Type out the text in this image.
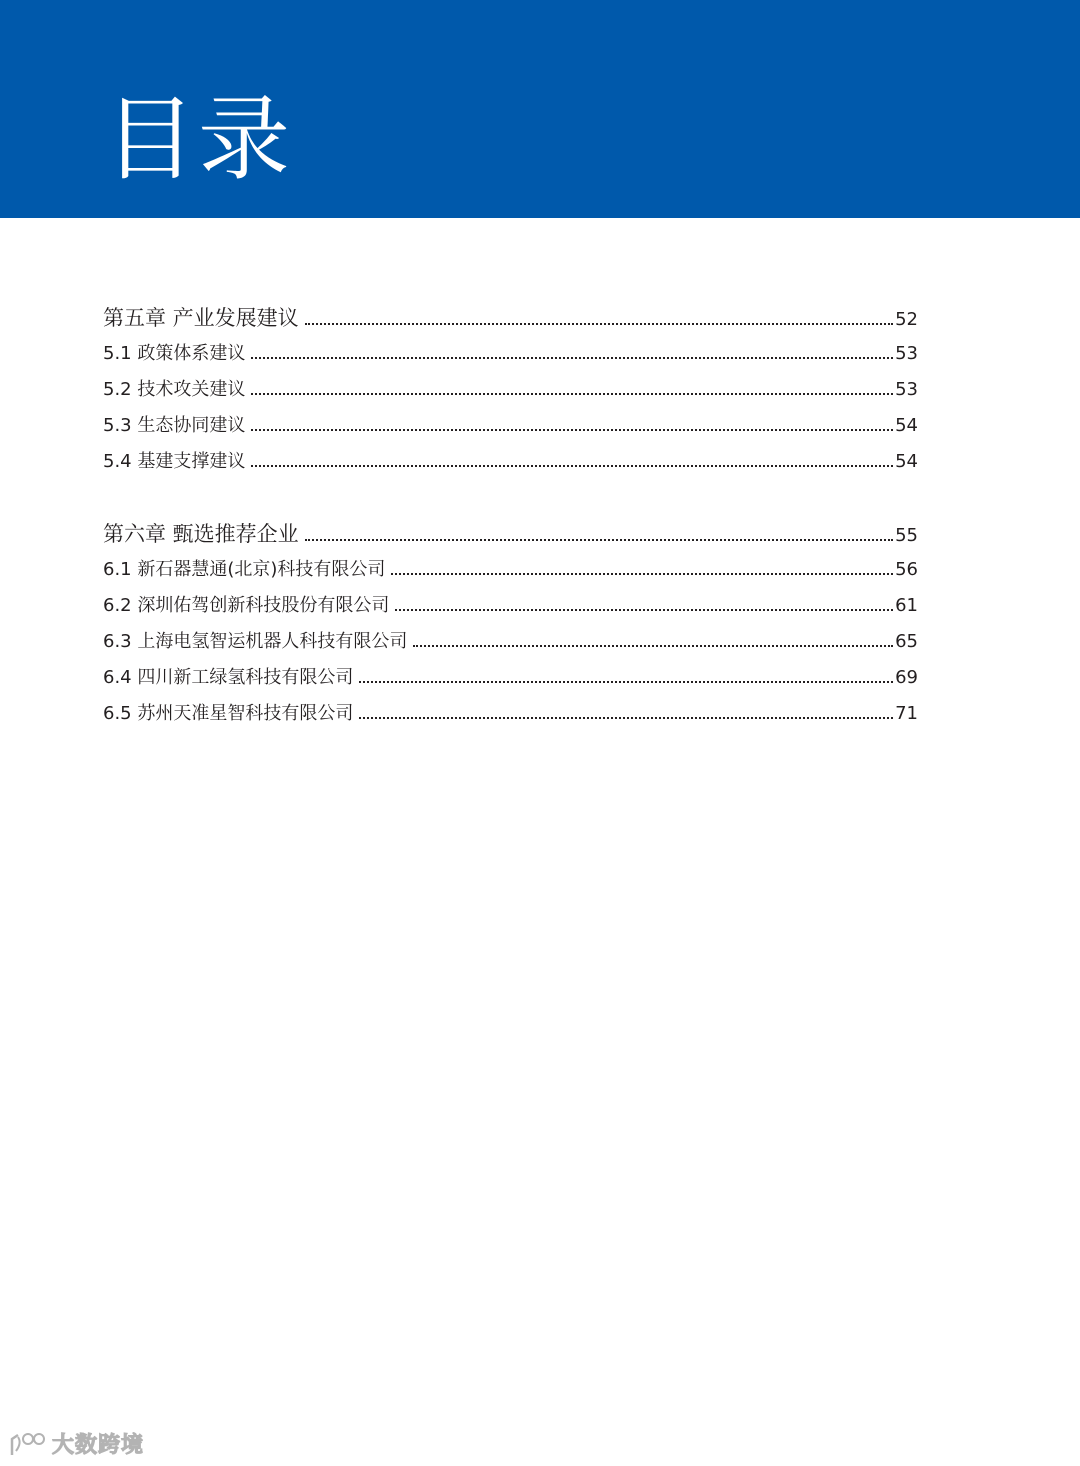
目录
第五章 产业发展建议	52
5.1 政策体系建议	53
5.2 技术攻关建议	53
5.3 生态协同建议	54
5.4 基建支撑建议	54
第六章 甄选推荐企业	55
6.1 新石器慧通(北京)科技有限公司	56
6.2 深圳佑驾创新科技股份有限公司	61
6.3 上海电氢智运机器人科技有限公司	65
6.4 四川新工绿氢科技有限公司	69
6.5 苏州天准星智科技有限公司	71
大数跨境
